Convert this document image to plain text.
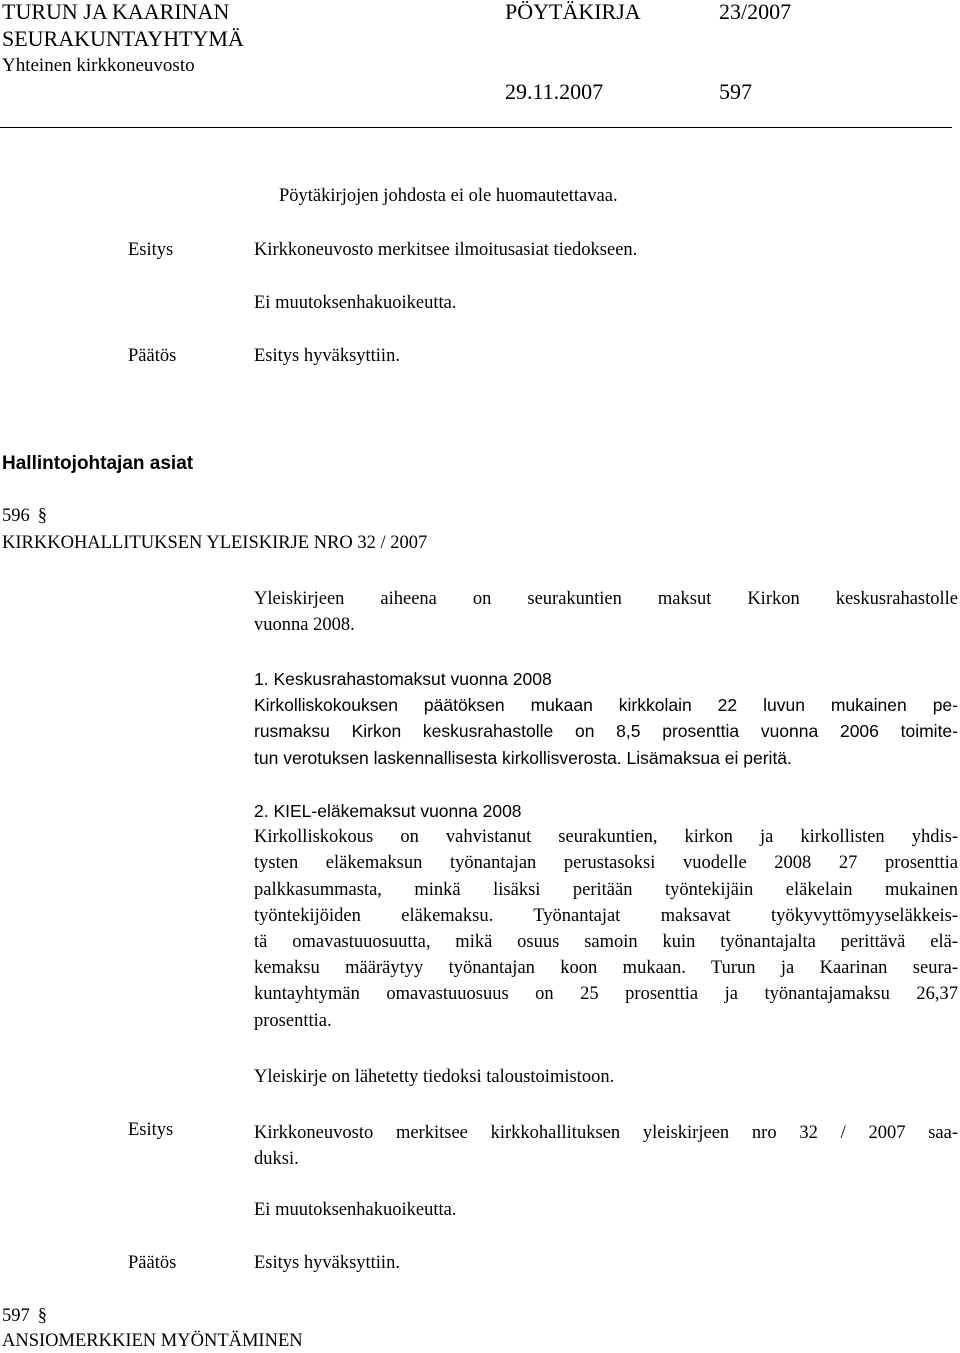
TURUN JA KAARINAN
SEURAKUNTAYHTYMÄ
Yhteinen kirkkoneuvosto
PÖYTÄKIRJA	23/2007
29.11.2007	597
Pöytäkirjojen johdosta ei ole huomautettavaa.
Esitys	Kirkkoneuvosto merkitsee ilmoitusasiat tiedokseen.
Ei muutoksenhakuoikeutta.
Päätös	Esitys hyväksyttiin.
Hallintojohtajan asiat
596 §
KIRKKOHALLITUKSEN YLEISKIRJE NRO 32 / 2007
Yleiskirjeen aiheena on seurakuntien maksut Kirkon keskusrahastolle
vuonna 2008.
1. Keskusrahastomaksut vuonna 2008
Kirkolliskokouksen päätöksen mukaan kirkkolain 22 luvun mukainen pe-
rusmaksu Kirkon keskusrahastolle on 8,5 prosenttia vuonna 2006 toimite-
tun verotuksen laskennallisesta kirkollisverosta. Lisämaksua ei peritä.
2. KIEL-eläkemaksut vuonna 2008
Kirkolliskokous on vahvistanut seurakuntien, kirkon ja kirkollisten yhdis-
tysten eläkemaksun työnantajan perustasoksi vuodelle 2008 27 prosenttia
palkkasummasta, minkä lisäksi peritään työntekijäin eläkelain mukainen
työntekijöiden eläkemaksu. Työnantajat maksavat työkyvyttömyyseläkkeis-
tä omavastuuosuutta, mikä osuus samoin kuin työnantajalta perittävä elä-
kemaksu määräytyy työnantajan koon mukaan. Turun ja Kaarinan seura-
kuntayhtymän omavastuuosuus on 25 prosenttia ja työnantajamaksu 26,37
prosenttia.
Yleiskirje on lähetetty tiedoksi taloustoimistoon.
Esitys	Kirkkoneuvosto merkitsee kirkkohallituksen yleiskirjeen nro 32 / 2007 saa-
duksi.
Ei muutoksenhakuoikeutta.
Päätös	Esitys hyväksyttiin.
597 §
ANSIOMERKKIEN MYÖNTÄMINEN
